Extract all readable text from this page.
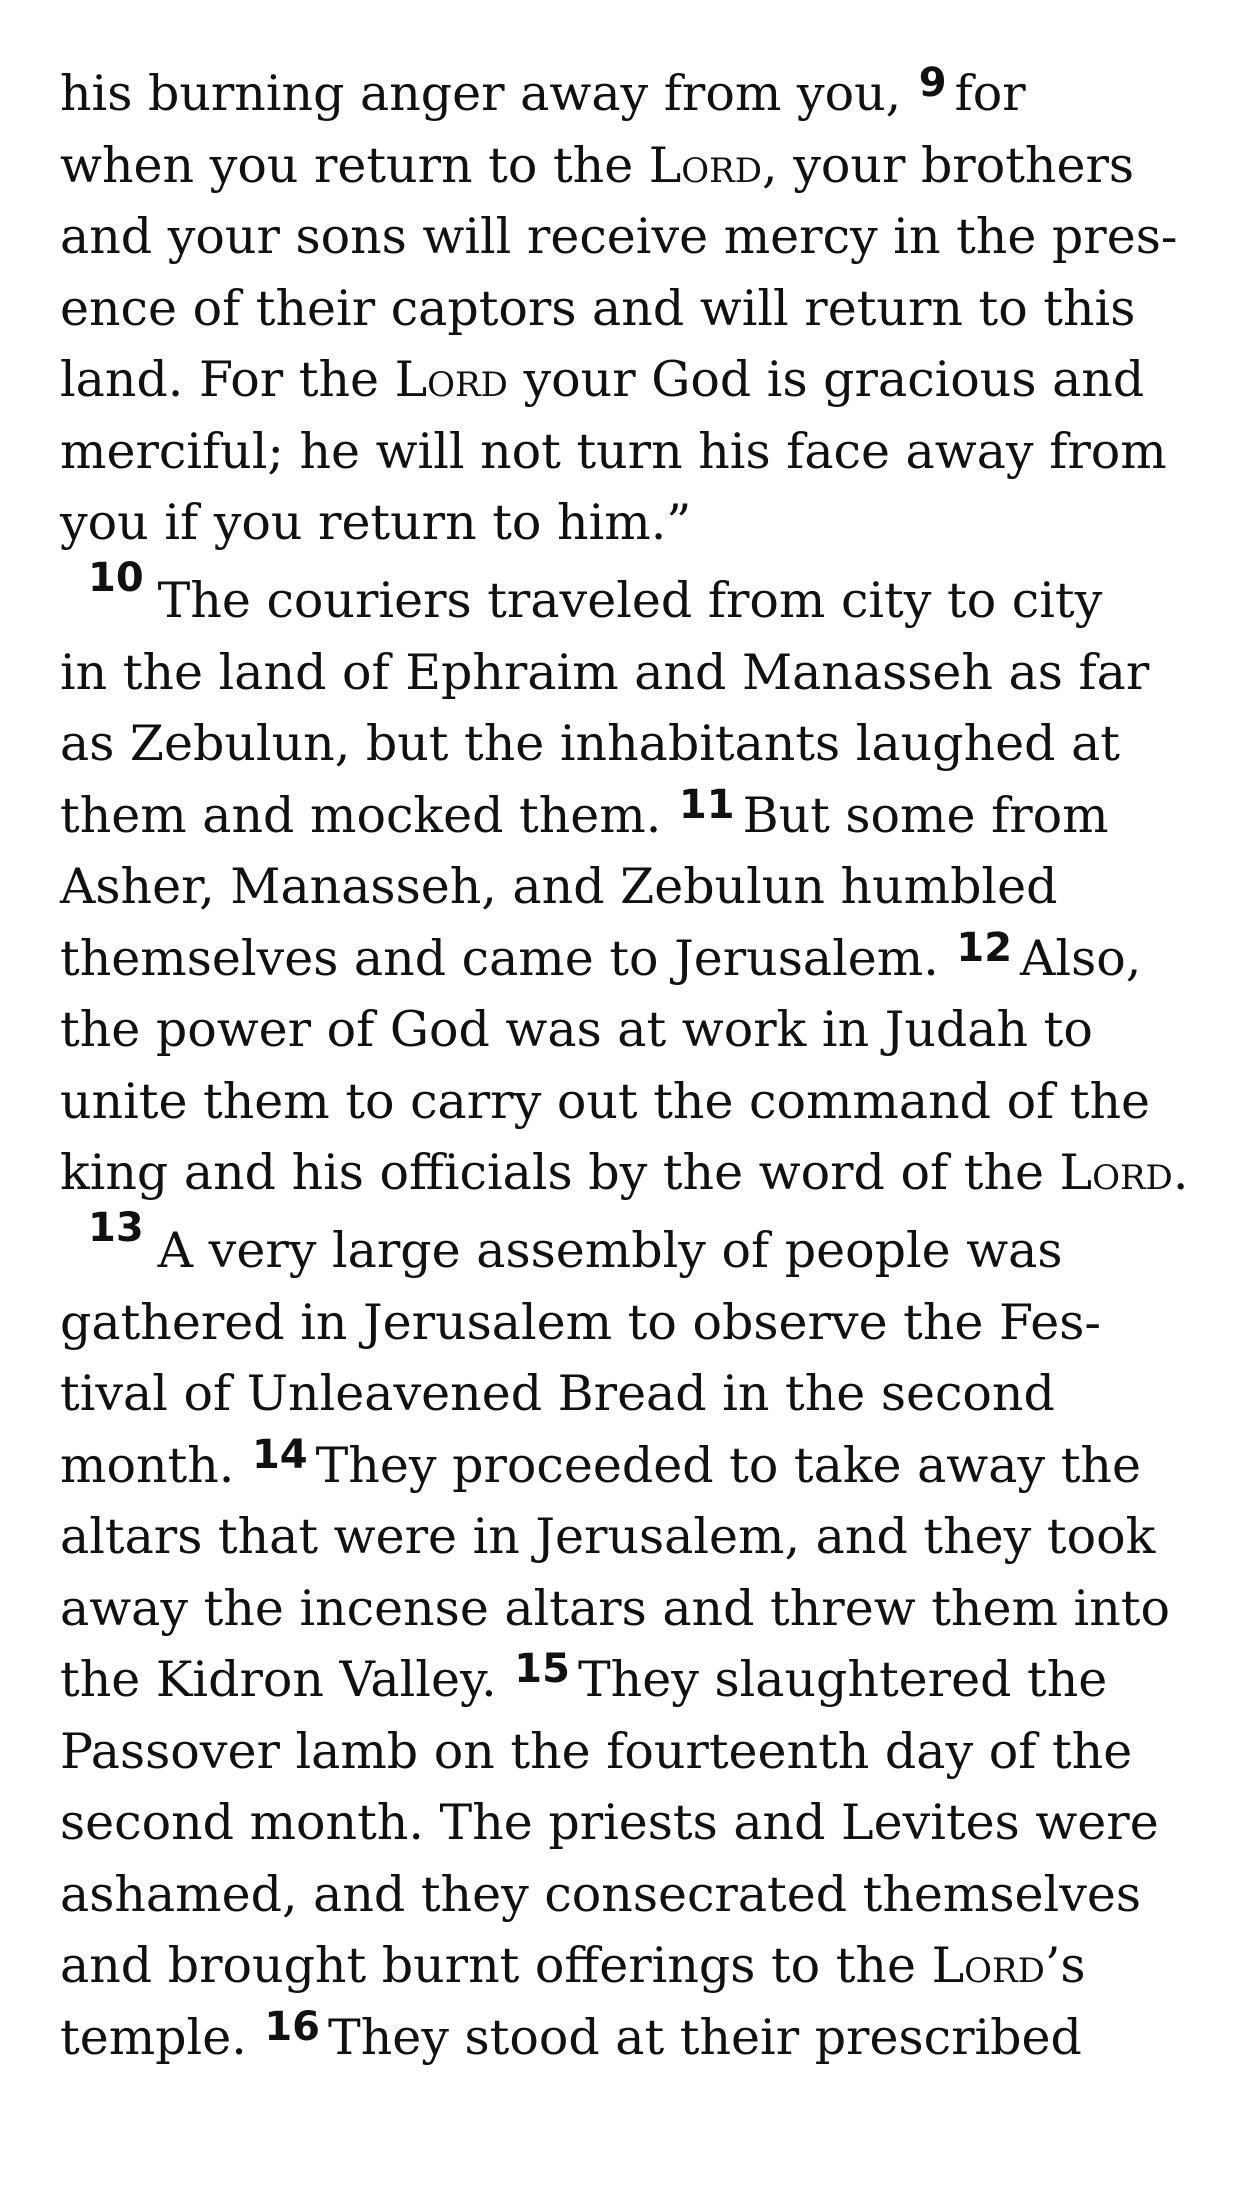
his burning anger away from you, $^9$ for
when you return to the Lord, your brothers
and your sons will receive mercy in the pres-
ence of their captors and will return to this
land. For the Lord your God is gracious and
merciful; he will not turn his face away from
you if you return to him.”
$^{10}$ The couriers traveled from city to city
in the land of Ephraim and Manasseh as far
as Zebulun, but the inhabitants laughed at
them and mocked them. $^{11}$ But some from
Asher, Manasseh, and Zebulun humbled
themselves and came to Jerusalem. $^{12}$ Also,
the power of God was at work in Judah to
unite them to carry out the command of the
king and his officials by the word of the Lord.
$^{13}$ A very large assembly of people was
gathered in Jerusalem to observe the Fes-
tival of Unleavened Bread in the second
month. $^{14}$ They proceeded to take away the
altars that were in Jerusalem, and they took
away the incense altars and threw them into
the Kidron Valley. $^{15}$ They slaughtered the
Passover lamb on the fourteenth day of the
second month. The priests and Levites were
ashamed, and they consecrated themselves
and brought burnt offerings to the Lord’s
temple. $^{16}$ They stood at their prescribed
